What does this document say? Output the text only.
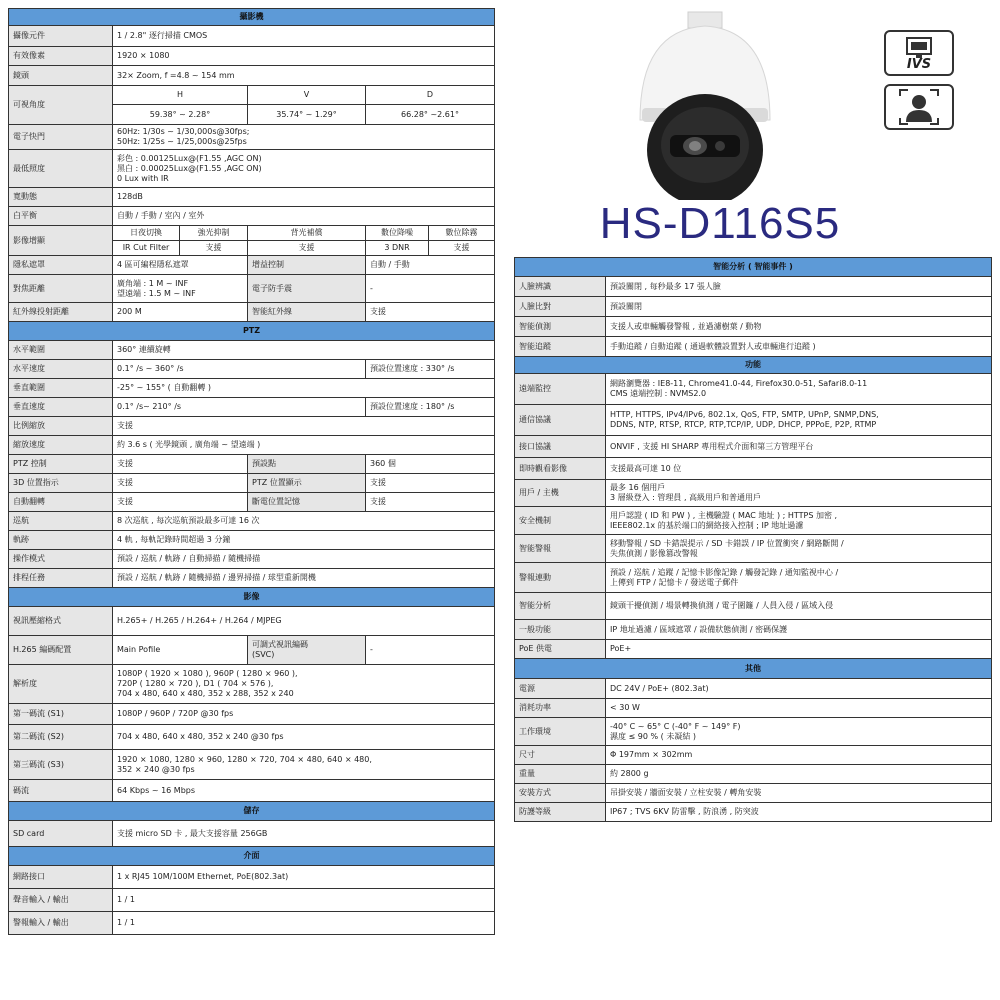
HS-D116S5
IVS
攝影機					
攝像元件	1 / 2.8" 逐行掃描 CMOS				
有效像素	1920 × 1080				
鏡頭	32× Zoom, f =4.8 ~ 154 mm				
可視角度	H		V	D	
	59.38° ~ 2.28°		35.74° ~ 1.29°	66.28° ~2.61°	
電子快門	60Hz: 1/30s ~ 1/30,000s@30fps;
50Hz: 1/25s ~ 1/25,000s@25fps				
最低照度	彩色 : 0.00125Lux@(F1.55 ,AGC ON)
黑白 : 0.00025Lux@(F1.55 ,AGC ON)
0 Lux with IR				
寬動態	128dB				
白平衡	自動 / 手動 / 室內 / 室外				
影像增顯	日夜切換	強光抑制	背光補償	數位降噪	數位除霧
	IR Cut Filter	支援	支援	3 DNR	支援
隱私遮罩	4 區可編程隱私遮罩		增益控制	自動 / 手動	
對焦距離	廣角端 : 1 M ~ INF
望遠端 : 1.5 M ~ INF		電子防手震	-	
紅外線投射距離	200 M		智能紅外線	支援	
PTZ					
水平範圍	360° 連續旋轉				
水平速度	0.1° /s ~ 360° /s			預設位置速度 : 330° /s	
垂直範圍	-25° ~ 155° ( 自動翻轉 )				
垂直速度	0.1° /s~ 210° /s			預設位置速度 : 180° /s	
比例縮放	支援				
縮放速度	約 3.6 s ( 光學鏡頭 , 廣角端 ~ 望遠端 )				
PTZ 控制	支援		預設點	360 個	
3D 位置指示	支援		PTZ 位置顯示	支援	
自動翻轉	支援		斷電位置記憶	支援	
巡航	8 次巡航 , 每次巡航預設最多可達 16 次				
軌跡	4 軌 , 每軌記錄時間超過 3 分鐘				
操作模式	預設 / 巡航 / 軌跡 / 自動掃描 / 隨機掃描				
排程任務	預設 / 巡航 / 軌跡 / 隨機掃描 / 邊界掃描 / 球型重新開機				
影像					
視訊壓縮格式	H.265+ / H.265 / H.264+ / H.264 / MJPEG				
H.265 編碼配置	Main Pofile		可調式視訊編碼
(SVC)	-	
解析度	1080P ( 1920 × 1080 ), 960P ( 1280 × 960 ),
720P ( 1280 × 720 ), D1 ( 704 × 576 ),
704 x 480, 640 x 480, 352 x 288, 352 x 240				
第一碼流 (S1)	1080P / 960P / 720P @30 fps				
第二碼流 (S2)	704 x 480, 640 x 480, 352 x 240 @30 fps				
第三碼流 (S3)	1920 × 1080, 1280 × 960, 1280 × 720, 704 × 480, 640 × 480,
352 × 240 @30 fps				
碼流	64 Kbps ~ 16 Mbps				
儲存					
SD card	支援 micro SD 卡 , 最大支援容量 256GB				
介面					
網路接口	1 x RJ45 10M/100M Ethernet, PoE(802.3at)				
聲音輸入 / 輸出	1 / 1				
警報輸入 / 輸出	1 / 1				
智能分析 ( 智能事件 )	
人臉辨識	預設關閉 , 每秒最多 17 張人臉
人臉比對	預設關閉
智能偵測	支援人或車輛觸發警報 , 並過濾樹葉 / 動物
智能追蹤	手動追蹤 / 自動追蹤 ( 通過軟體設置對人或車輛進行追蹤 )
功能	
遠端監控	網路瀏覽器 : IE8-11, Chrome41.0-44, Firefox30.0-51, Safari8.0-11
CMS 遠端控制 : NVMS2.0
通信協議	HTTP, HTTPS, IPv4/IPv6, 802.1x, QoS, FTP, SMTP, UPnP, SNMP,DNS,
DDNS, NTP, RTSP, RTCP, RTP,TCP/IP, UDP, DHCP, PPPoE, P2P, RTMP
接口協議	ONVIF , 支援 HI SHARP 專用程式介面和第三方管理平台
即時觀看影像	支援最高可達 10 位
用戶 / 主機	最多 16 個用戶
3 層級登入 : 管理員 , 高級用戶和普通用戶
安全機制	用戶認證 ( ID 和 PW ) , 主機驗證 ( MAC 地址 ) ; HTTPS 加密 ,
IEEE802.1x 的基於端口的網絡接入控制 ; IP 地址過濾
智能警報	移動警報 / SD 卡錯誤提示 / SD 卡錯誤 / IP 位置衝突 / 網路斷開 /
失焦偵測 / 影像篡改警報
警報連動	預設 / 巡航 / 追蹤 / 記憶卡影像記錄 / 觸發記錄 / 通知監視中心 /
上傳到 FTP / 記憶卡 / 發送電子郵件
智能分析	鏡頭干擾偵測 / 場景轉換偵測 / 電子圍籬 / 人員入侵 / 區域入侵
一般功能	IP 地址過濾 / 區域遮罩 / 設備狀態偵測 / 密碼保護
PoE 供電	PoE+
其他	
電源	DC 24V / PoE+ (802.3at)
消耗功率	< 30 W
工作環境	-40° C ~ 65° C (-40° F ~ 149° F)
濕度 ≤ 90 % ( 未凝結 )
尺寸	Φ 197mm × 302mm
重量	約 2800 g
安裝方式	吊掛安裝 / 牆面安裝 / 立柱安裝 / 轉角安裝
防護等級	IP67 ; TVS 6KV 防雷擊 , 防浪湧 , 防突波
